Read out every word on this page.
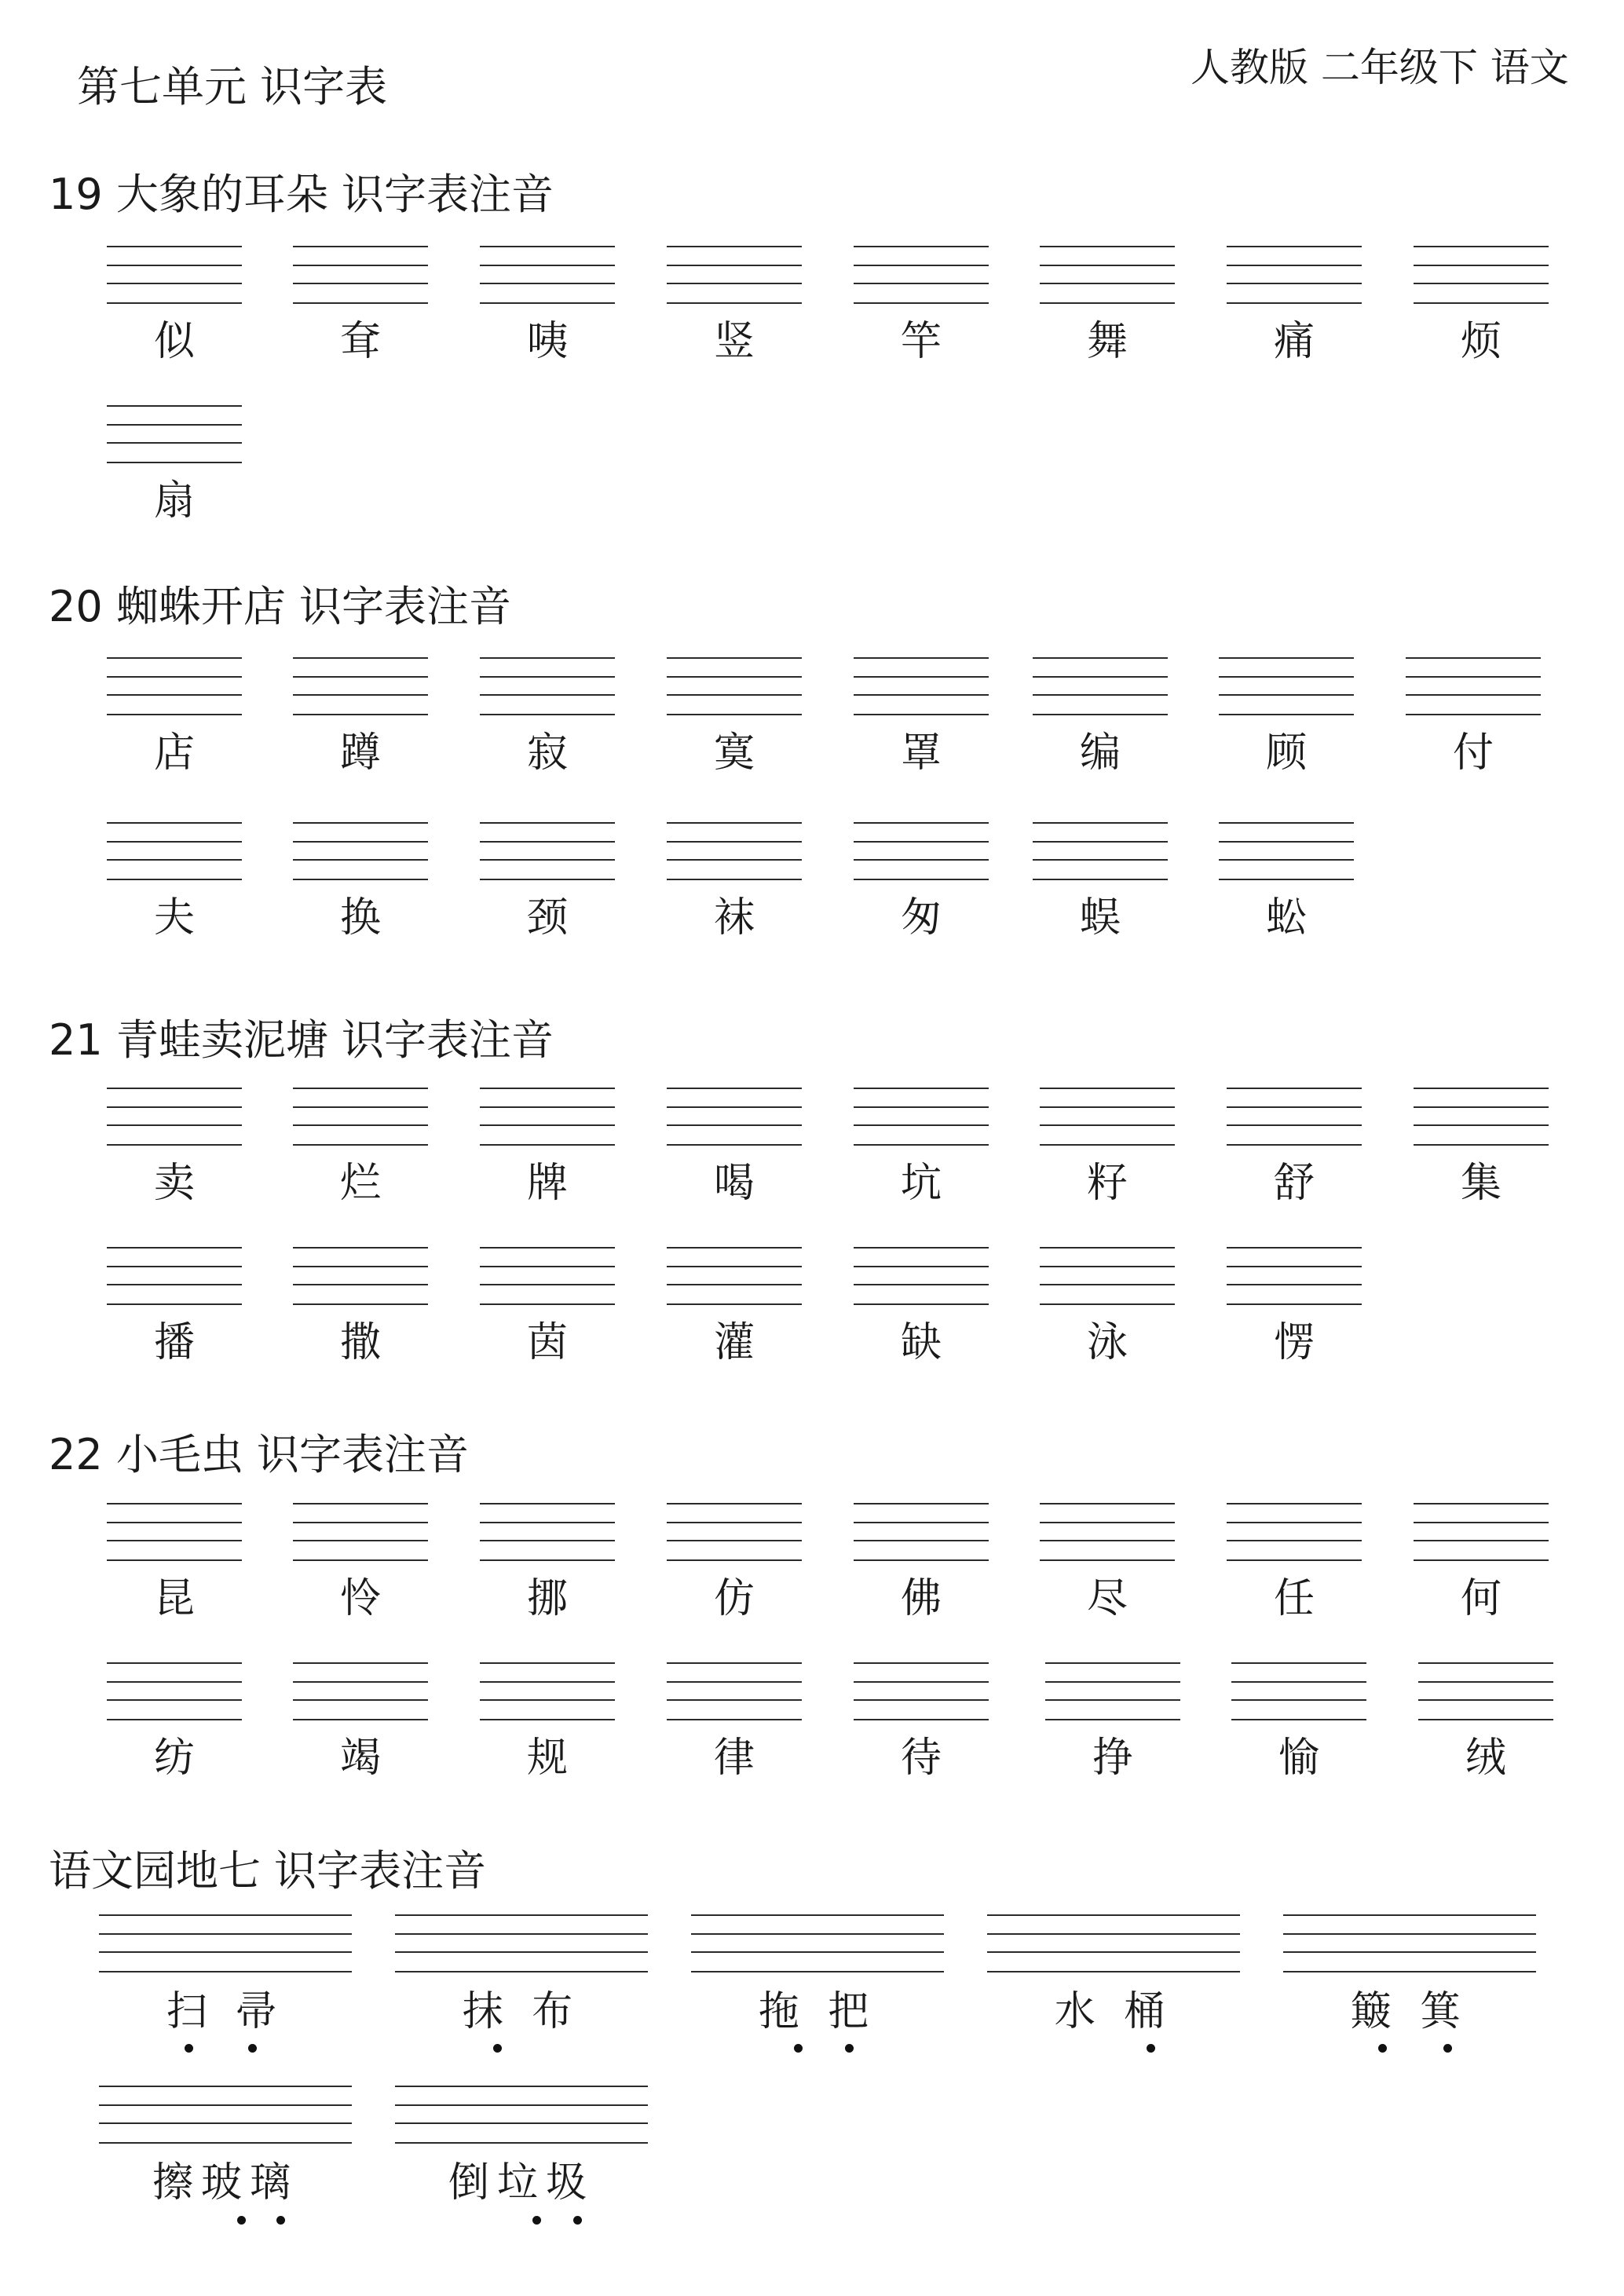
第七单元 识字表	人教版 二年级下 语文
19 大象的耳朵 识字表注音
似	耷	咦	竖	竿	舞	痛	烦
扇
20 蜘蛛开店 识字表注音
店	蹲	寂	寞	罩	编	顾	付
夫	换	颈	袜	匆	蜈	蚣
21 青蛙卖泥塘 识字表注音
卖	烂	牌	喝	坑	籽	舒	集
播	撒	茵	灌	缺	泳	愣
22 小毛虫 识字表注音
昆	怜	挪	仿	佛	尽	任	何
纺	竭	规	律	待	挣	愉	绒
语文园地七 识字表注音
扫 帚	抹 布	拖 把	水 桶	簸 箕
擦玻璃	倒垃圾
